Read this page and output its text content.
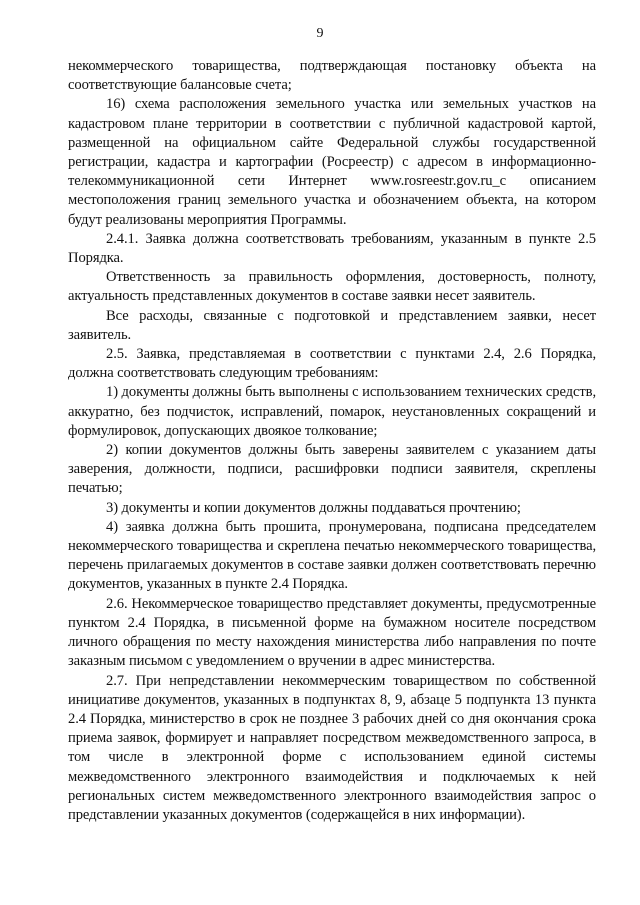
9

некоммерческого товарищества, подтверждающая постановку объекта на соответствующие балансовые счета;

16) схема расположения земельного участка или земельных участков на кадастровом плане территории в соответствии с публичной кадастровой картой, размещенной на официальном сайте Федеральной службы государственной регистрации, кадастра и картографии (Росреестр) с адресом в информационно-телекоммуникационной сети Интернет www.rosreestr.gov.ru_c описанием местоположения границ земельного участка и обозначением объекта, на котором будут реализованы мероприятия Программы.

2.4.1. Заявка должна соответствовать требованиям, указанным в пункте 2.5 Порядка.

Ответственность за правильность оформления, достоверность, полноту, актуальность представленных документов в составе заявки несет заявитель.

Все расходы, связанные с подготовкой и представлением заявки, несет заявитель.

2.5. Заявка, представляемая в соответствии с пунктами 2.4, 2.6 Порядка, должна соответствовать следующим требованиям:

1) документы должны быть выполнены с использованием технических средств, аккуратно, без подчисток, исправлений, помарок, неустановленных сокращений и формулировок, допускающих двоякое толкование;

2) копии документов должны быть заверены заявителем с указанием даты заверения, должности, подписи, расшифровки подписи заявителя, скреплены печатью;

3) документы и копии документов должны поддаваться прочтению;

4) заявка должна быть прошита, пронумерована, подписана председателем некоммерческого товарищества и скреплена печатью некоммерческого товарищества, перечень прилагаемых документов в составе заявки должен соответствовать перечню документов, указанных в пункте 2.4 Порядка.

2.6. Некоммерческое товарищество представляет документы, предусмотренные пунктом 2.4 Порядка, в письменной форме на бумажном носителе посредством личного обращения по месту нахождения министерства либо направления по почте заказным письмом с уведомлением о вручении в адрес министерства.

2.7. При непредставлении некоммерческим товариществом по собственной инициативе документов, указанных в подпунктах 8, 9, абзаце 5 подпункта 13 пункта 2.4 Порядка, министерство в срок не позднее 3 рабочих дней со дня окончания срока приема заявок, формирует и направляет посредством межведомственного запроса, в том числе в электронной форме с использованием единой системы межведомственного электронного взаимодействия и подключаемых к ней региональных систем межведомственного электронного взаимодействия запрос о представлении указанных документов (содержащейся в них информации).
